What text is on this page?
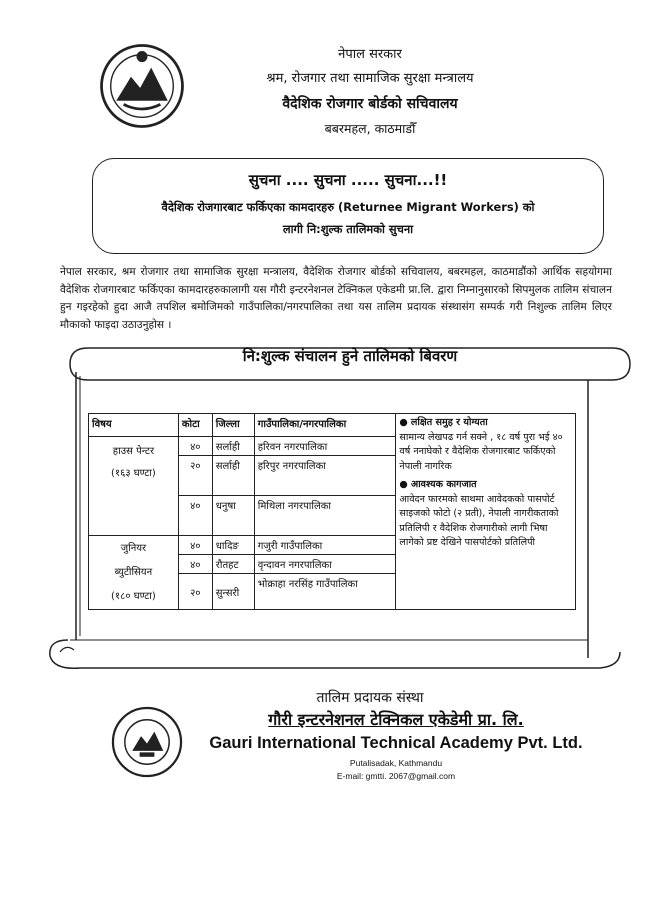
नेपाल सरकार
श्रम, रोजगार तथा सामाजिक सुरक्षा मन्त्रालय
वैदेशिक रोजगार बोर्डको सचिवालय
बबरमहल, काठमाडौँ
सुचना .... सुचना ..... सुचना...!!
वैदेशिक रोजगारबाट फर्किएका कामदारहरु (Returnee Migrant Workers) को
लागी नि:शुल्क तालिमको सुचना
नेपाल सरकार, श्रम रोजगार तथा सामाजिक सुरक्षा मन्त्रालय, वैदेशिक रोजगार बोर्डको सचिवालय, बबरमहल, काठमाडौंको आर्थिक सहयोगमा वैदेशिक रोजगारबाट फर्किएका कामदारहरुकालागी यस गौरी इन्टरनेशनल टेक्निकल एकेडमी प्रा.लि. द्वारा निम्नानुसारको सिपमुलक तालिम संचालन हुन गइरहेको हुदा आजै तपशिल बमोजिमको गाउँपालिका/नगरपालिका तथा यस तालिम प्रदायक संस्थासंग सम्पर्क गरी निशुल्क तालिम लिएर मौकाको फाइदा उठाउनुहोस ।
नि:शुल्क संचालन हुने तालिमको बिवरण
विषय	कोटा	जिल्ला	गाउँपालिका/नगरपालिका	● लक्षित समुह र योग्यता
सामान्य लेखपढ गर्न सक्ने , १८ वर्ष पुरा भई ४० वर्ष ननाघेको र वैदेशिक रोजगारबाट फर्किएको नेपाली नागरिक
● आवश्यक कागजात
आवेदन फारमको साथमा आवेदकको पासपोर्ट साइजको फोटो (२ प्रती), नेपाली नागरीकताको प्रतिलिपी र वैदेशिक रोजगारीको लागी भिषा लागेको प्रष्ट देखिने पासपोर्टको प्रतिलिपी

हाउस पेन्टर
(१६३ घण्टा)	४०	सर्लाही	हरिवन नगरपालिका	
	२०	सर्लाही	हरिपुर नगरपालिका	
	४०	धनुषा	मिथिला नगरपालिका	

जुनियर
ब्युटीसियन
(१८० घण्टा)	४०	धादिङ	गजुरी गाउँपालिका	
	४०	रौतहट	वृन्दावन नगरपालिका	
	२०	सुन्सरी	भोक्राहा नरसिंह गाउँपालिका	
तालिम प्रदायक संस्था
गौरी इन्टरनेशनल टेक्निकल एकेडेमी प्रा. लि.
Gauri International Technical Academy Pvt. Ltd.
Putalisadak, Kathmandu
E-mail: gmtti. 2067@gmail.com
